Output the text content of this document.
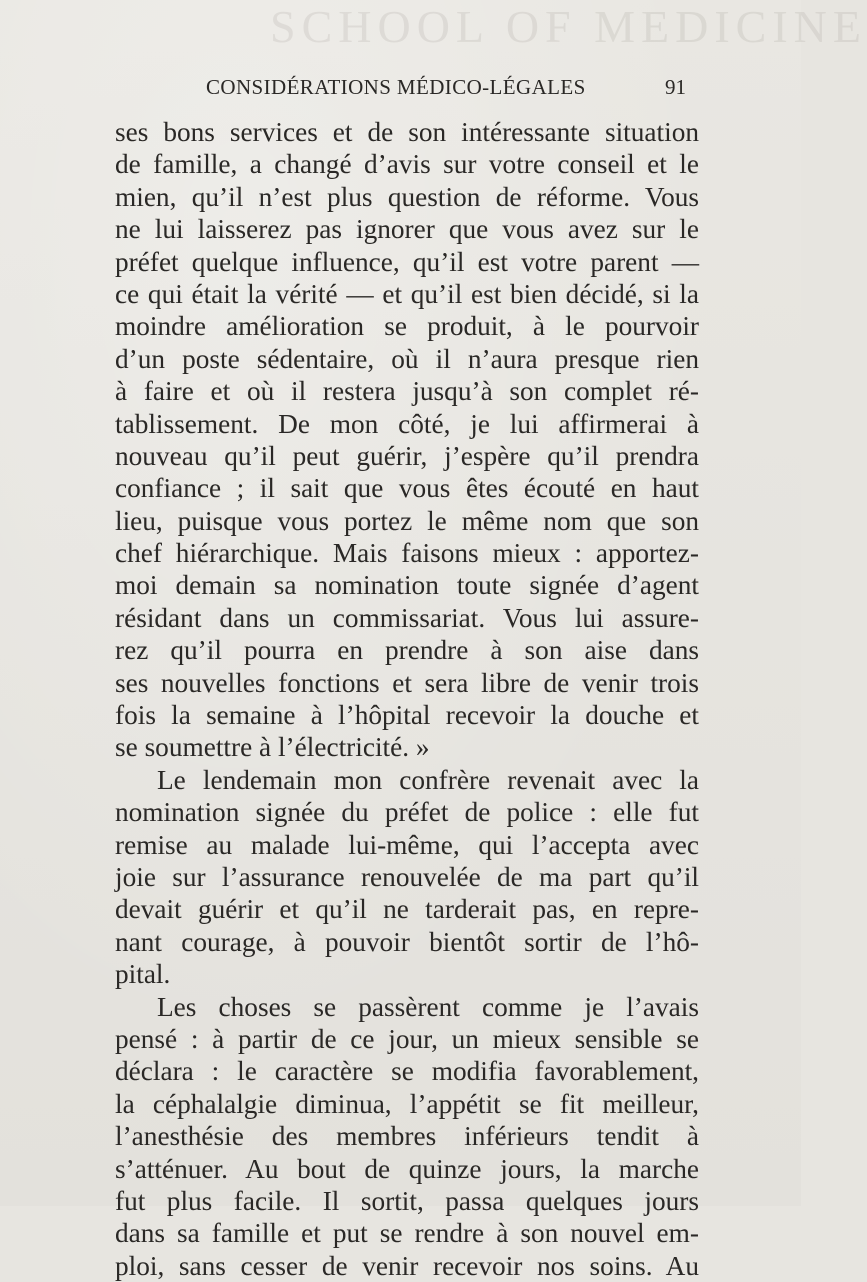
SCHOOL OF MEDICINE
CONSIDÉRATIONS MÉDICO-LÉGALES	91
ses bons services et de son intéressante situation
de famille, a changé d’avis sur votre conseil et le
mien, qu’il n’est plus question de réforme. Vous
ne lui laisserez pas ignorer que vous avez sur le
préfet quelque influence, qu’il est votre parent —
ce qui était la vérité — et qu’il est bien décidé, si la
moindre amélioration se produit, à le pourvoir
d’un poste sédentaire, où il n’aura presque rien
à faire et où il restera jusqu’à son complet ré-
tablissement. De mon côté, je lui affirmerai à
nouveau qu’il peut guérir, j’espère qu’il prendra
confiance ; il sait que vous êtes écouté en haut
lieu, puisque vous portez le même nom que son
chef hiérarchique. Mais faisons mieux : apportez-
moi demain sa nomination toute signée d’agent
résidant dans un commissariat. Vous lui assure-
rez qu’il pourra en prendre à son aise dans
ses nouvelles fonctions et sera libre de venir trois
fois la semaine à l’hôpital recevoir la douche et
se soumettre à l’électricité. »
Le lendemain mon confrère revenait avec la
nomination signée du préfet de police : elle fut
remise au malade lui-même, qui l’accepta avec
joie sur l’assurance renouvelée de ma part qu’il
devait guérir et qu’il ne tarderait pas, en repre-
nant courage, à pouvoir bientôt sortir de l’hô-
pital.
Les choses se passèrent comme je l’avais
pensé : à partir de ce jour, un mieux sensible se
déclara : le caractère se modifia favorablement,
la céphalalgie diminua, l’appétit se fit meilleur,
l’anesthésie des membres inférieurs tendit à
s’atténuer. Au bout de quinze jours, la marche
fut plus facile. Il sortit, passa quelques jours
dans sa famille et put se rendre à son nouvel em-
ploi, sans cesser de venir recevoir nos soins. Au
